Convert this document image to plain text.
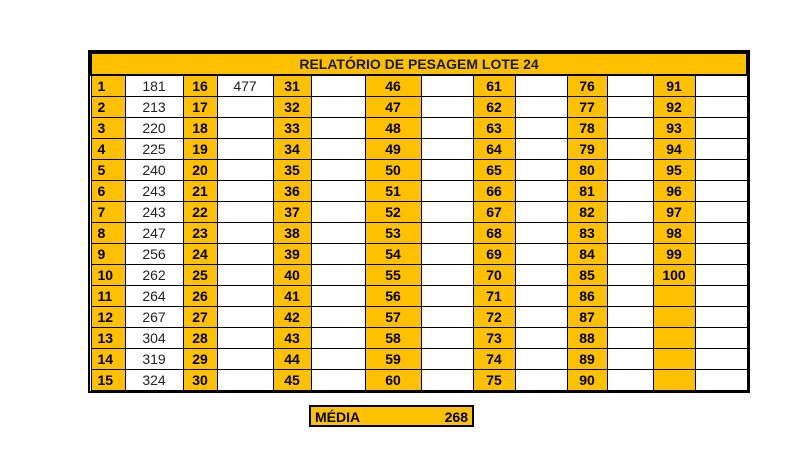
RELATÓRIO DE PESAGEM LOTE 24													
1	181	16	477	31		46		61		76		91	
2	213	17		32		47		62		77		92	
3	220	18		33		48		63		78		93	
4	225	19		34		49		64		79		94	
5	240	20		35		50		65		80		95	
6	243	21		36		51		66		81		96	
7	243	22		37		52		67		82		97	
8	247	23		38		53		68		83		98	
9	256	24		39		54		69		84		99	
10	262	25		40		55		70		85		100	
11	264	26		41		56		71		86			
12	267	27		42		57		72		87			
13	304	28		43		58		73		88			
14	319	29		44		59		74		89			
15	324	30		45		60		75		90			
MÉDIA	268
